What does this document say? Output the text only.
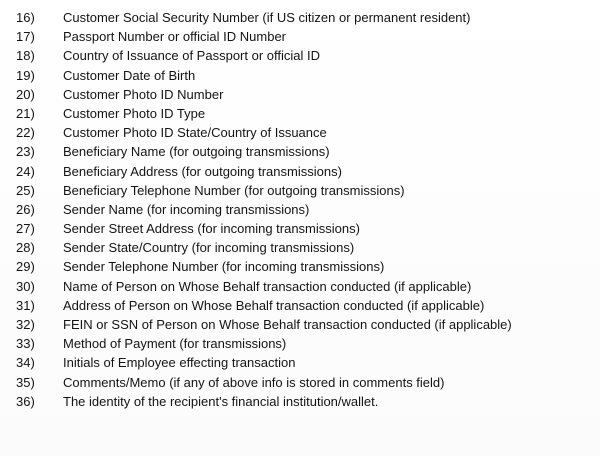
16)	Customer Social Security Number (if US citizen or permanent resident)
17)	Passport Number or official ID Number
18)	Country of Issuance of Passport or official ID
19)	Customer Date of Birth
20)	Customer Photo ID Number
21)	Customer Photo ID Type
22)	Customer Photo ID State/Country of Issuance
23)	Beneficiary Name (for outgoing transmissions)
24)	Beneficiary Address (for outgoing transmissions)
25)	Beneficiary Telephone Number (for outgoing transmissions)
26)	Sender Name (for incoming transmissions)
27)	Sender Street Address (for incoming transmissions)
28)	Sender State/Country (for incoming transmissions)
29)	Sender Telephone Number (for incoming transmissions)
30)	Name of Person on Whose Behalf transaction conducted (if applicable)
31)	Address of Person on Whose Behalf transaction conducted (if applicable)
32)	FEIN or SSN of Person on Whose Behalf transaction conducted (if applicable)
33)	Method of Payment (for transmissions)
34)	Initials of Employee effecting transaction
35)	Comments/Memo (if any of above info is stored in comments field)
36)	The identity of the recipient's financial institution/wallet.
